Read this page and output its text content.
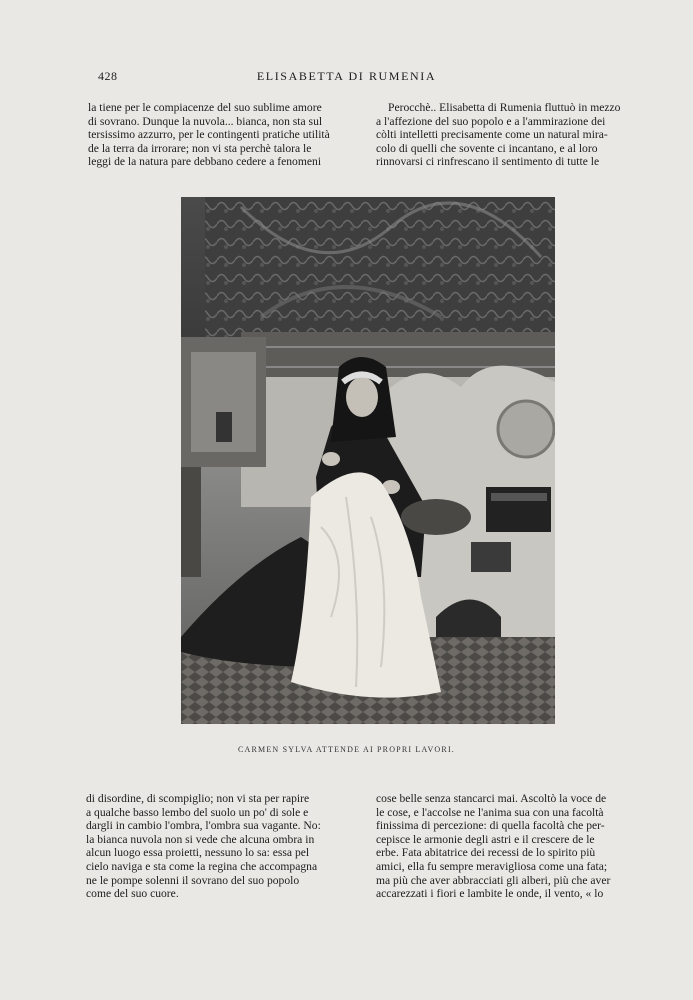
428	ELISABETTA DI RUMENIA
la tiene per le compiacenze del suo sublime amore
di sovrano. Dunque la nuvola... bianca, non sta sul
tersissimo azzurro, per le contingenti pratiche utilità
de la terra da irrorare; non vi sta perchè talora le
leggi de la natura pare debbano cedere a fenomeni
Perocchè.. Elisabetta di Rumenia fluttuò in mezzo
a l'affezione del suo popolo e a l'ammirazione dei
còlti intelletti precisamente come un natural mira-
colo di quelli che sovente ci incantano, e al loro
rinnovarsi ci rinfrescano il sentimento di tutte le
CARMEN SYLVA ATTENDE AI PROPRI LAVORI.
di disordine, di scompiglio; non vi sta per rapire
a qualche basso lembo del suolo un po' di sole e
dargli in cambio l'ombra, l'ombra sua vagante. No:
la bianca nuvola non si vede che alcuna ombra in
alcun luogo essa proietti, nessuno lo sa: essa pel
cielo naviga e sta come la regina che accompagna
ne le pompe solenni il sovrano del suo popolo
come del suo cuore.
cose belle senza stancarci mai. Ascoltò la voce de
le cose, e l'accolse ne l'anima sua con una facoltà
finissima di percezione: di quella facoltà che per-
cepisce le armonie degli astri e il crescere de le
erbe. Fata abitatrice dei recessi de lo spirito più
amici, ella fu sempre meravigliosa come una fata;
ma più che aver abbracciati gli alberi, più che aver
accarezzati i fiori e lambite le onde, il vento, « lo
